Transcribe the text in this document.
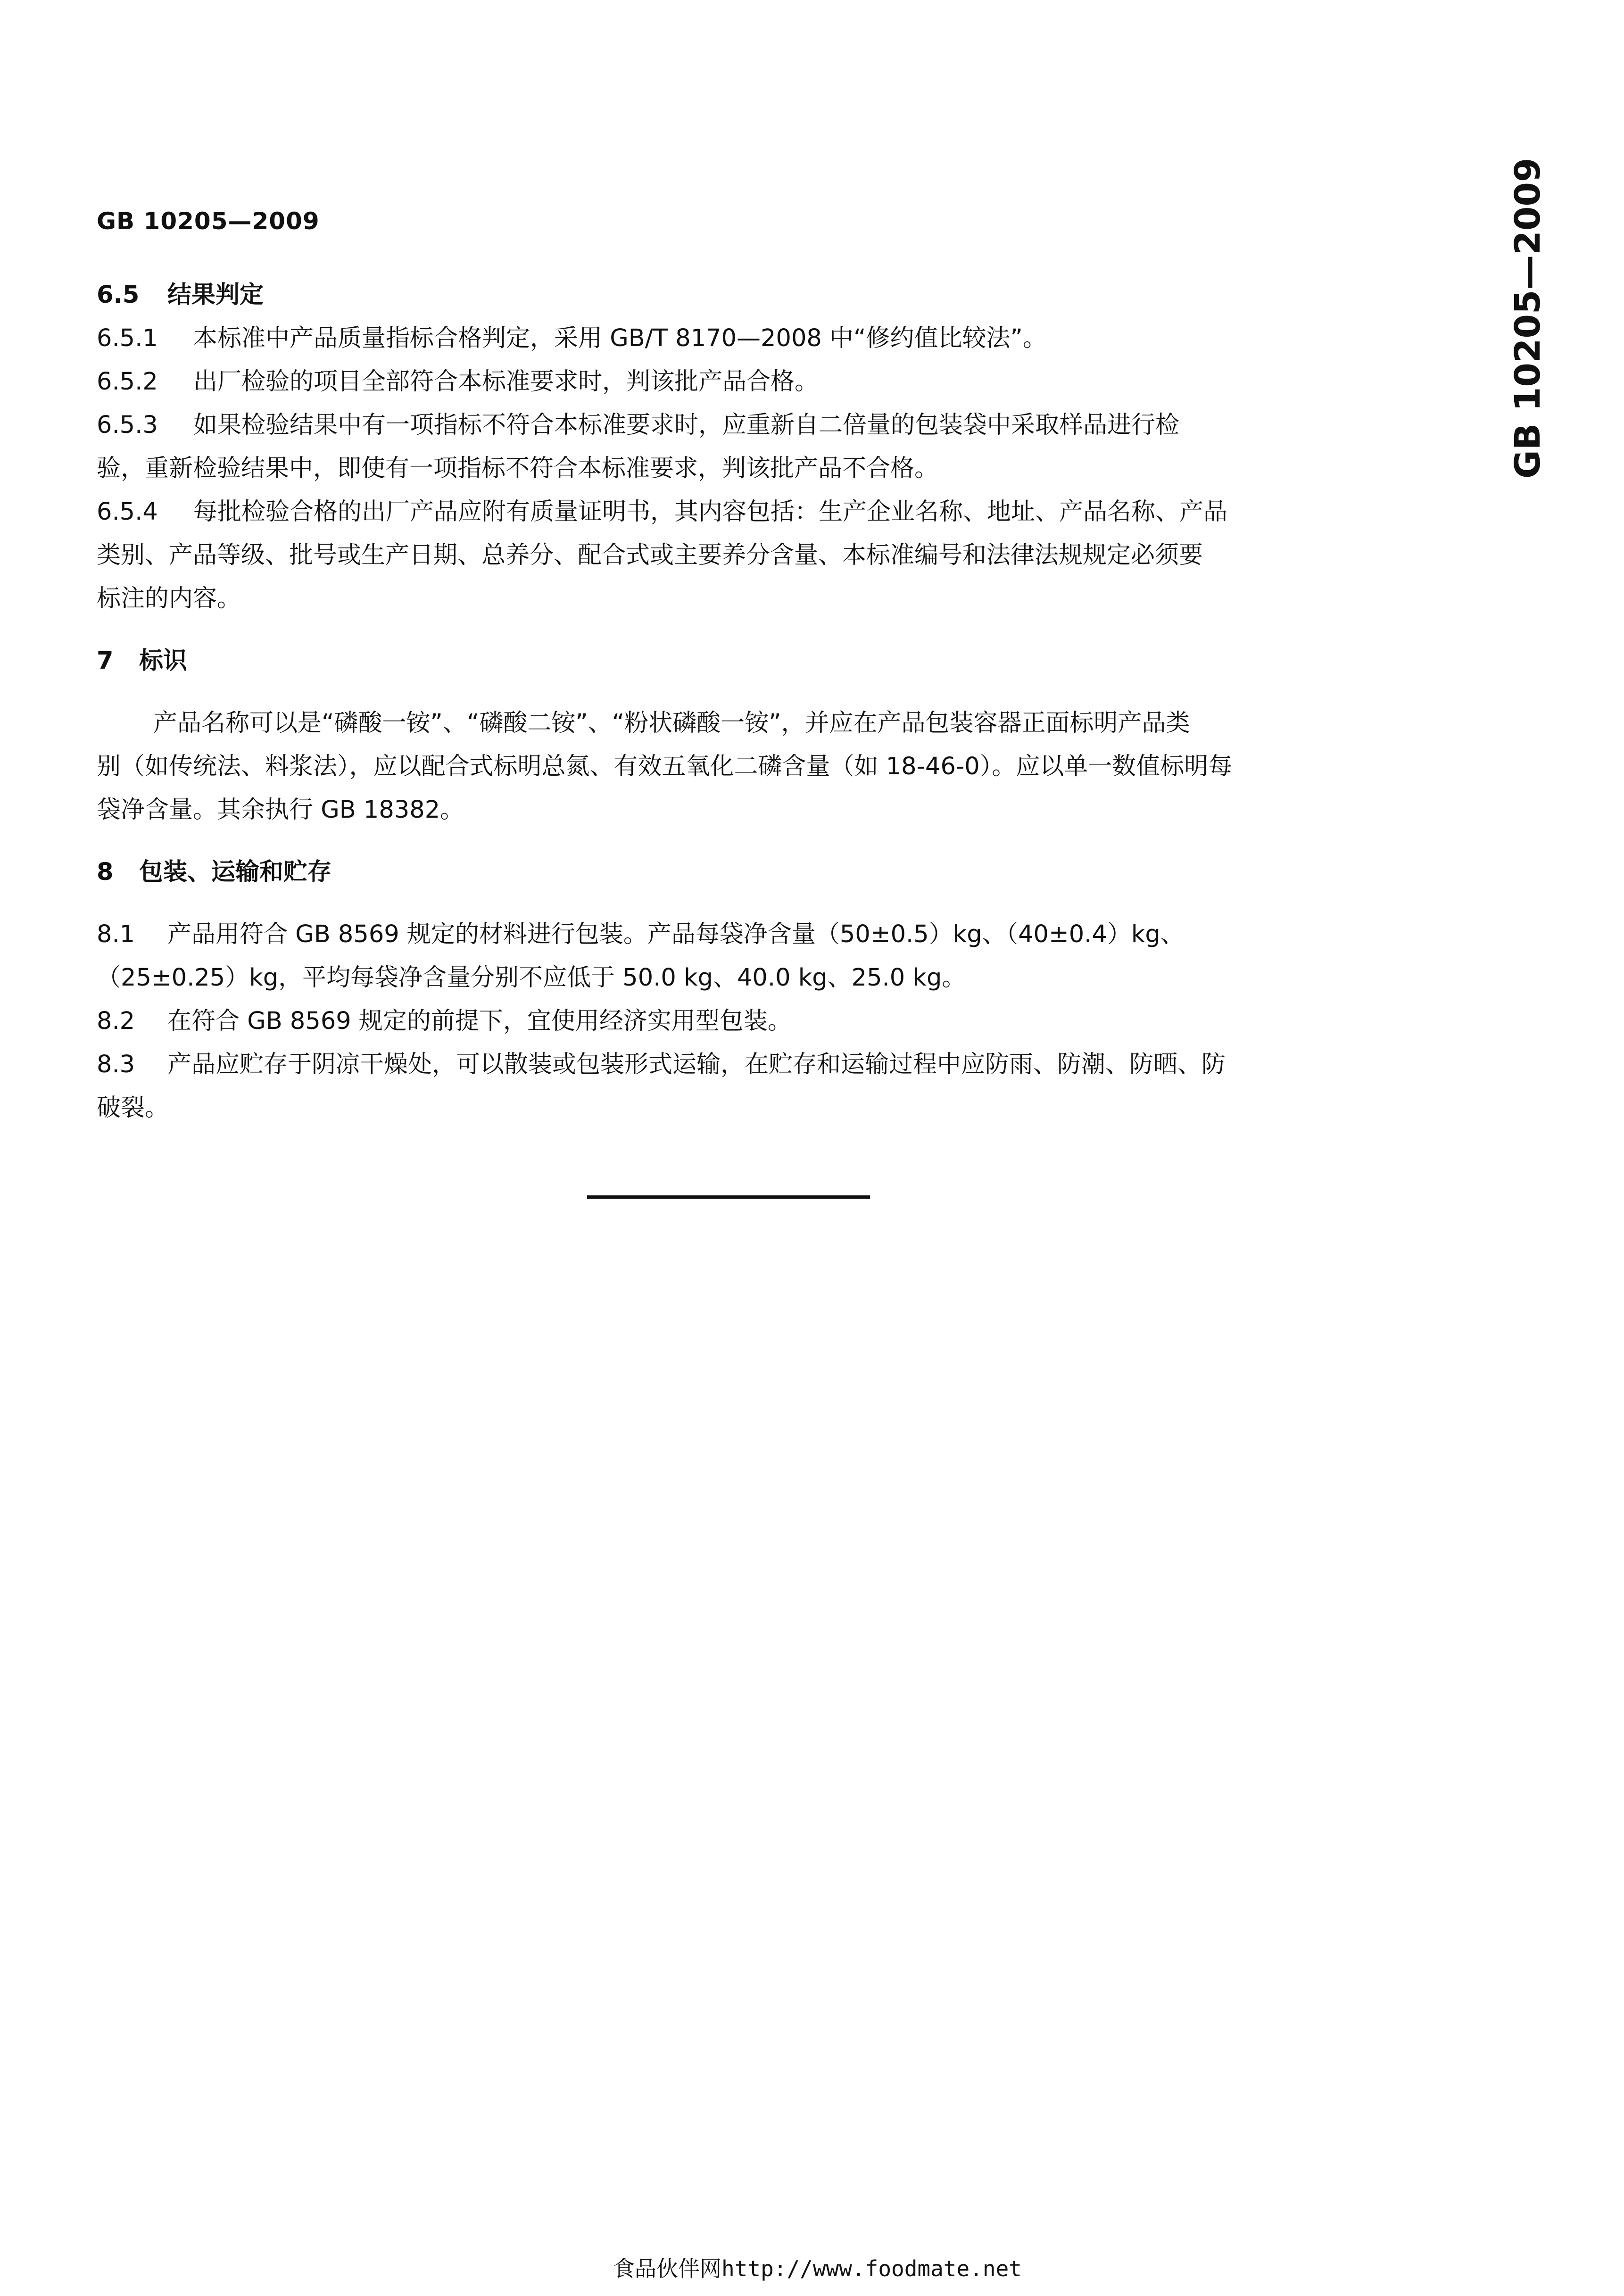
GB 10205—2009	GB 10205—2009
6.5 结果判定
6.5.1 本标准中产品质量指标合格判定，采用 GB/T 8170—2008 中“修约值比较法”。
6.5.2 出厂检验的项目全部符合本标准要求时，判该批产品合格。
6.5.3 如果检验结果中有一项指标不符合本标准要求时，应重新自二倍量的包装袋中采取样品进行检
验，重新检验结果中，即使有一项指标不符合本标准要求，判该批产品不合格。
6.5.4 每批检验合格的出厂产品应附有质量证明书，其内容包括：生产企业名称、地址、产品名称、产品
类别、产品等级、批号或生产日期、总养分、配合式或主要养分含量、本标准编号和法律法规规定必须要
标注的内容。
7 标识
产品名称可以是“磷酸一铵”、“磷酸二铵”、“粉状磷酸一铵”，并应在产品包装容器正面标明产品类
别（如传统法、料浆法），应以配合式标明总氮、有效五氧化二磷含量（如 18-46-0）。应以单一数值标明每
袋净含量。其余执行 GB 18382。
8 包装、运输和贮存
8.1 产品用符合 GB 8569 规定的材料进行包装。产品每袋净含量（50±0.5）kg、（40±0.4）kg、
（25±0.25）kg，平均每袋净含量分别不应低于 50.0 kg、40.0 kg、25.0 kg。
8.2 在符合 GB 8569 规定的前提下，宜使用经济实用型包装。
8.3 产品应贮存于阴凉干燥处，可以散装或包装形式运输，在贮存和运输过程中应防雨、防潮、防晒、防
破裂。
食品伙伴网http://www.foodmate.net
